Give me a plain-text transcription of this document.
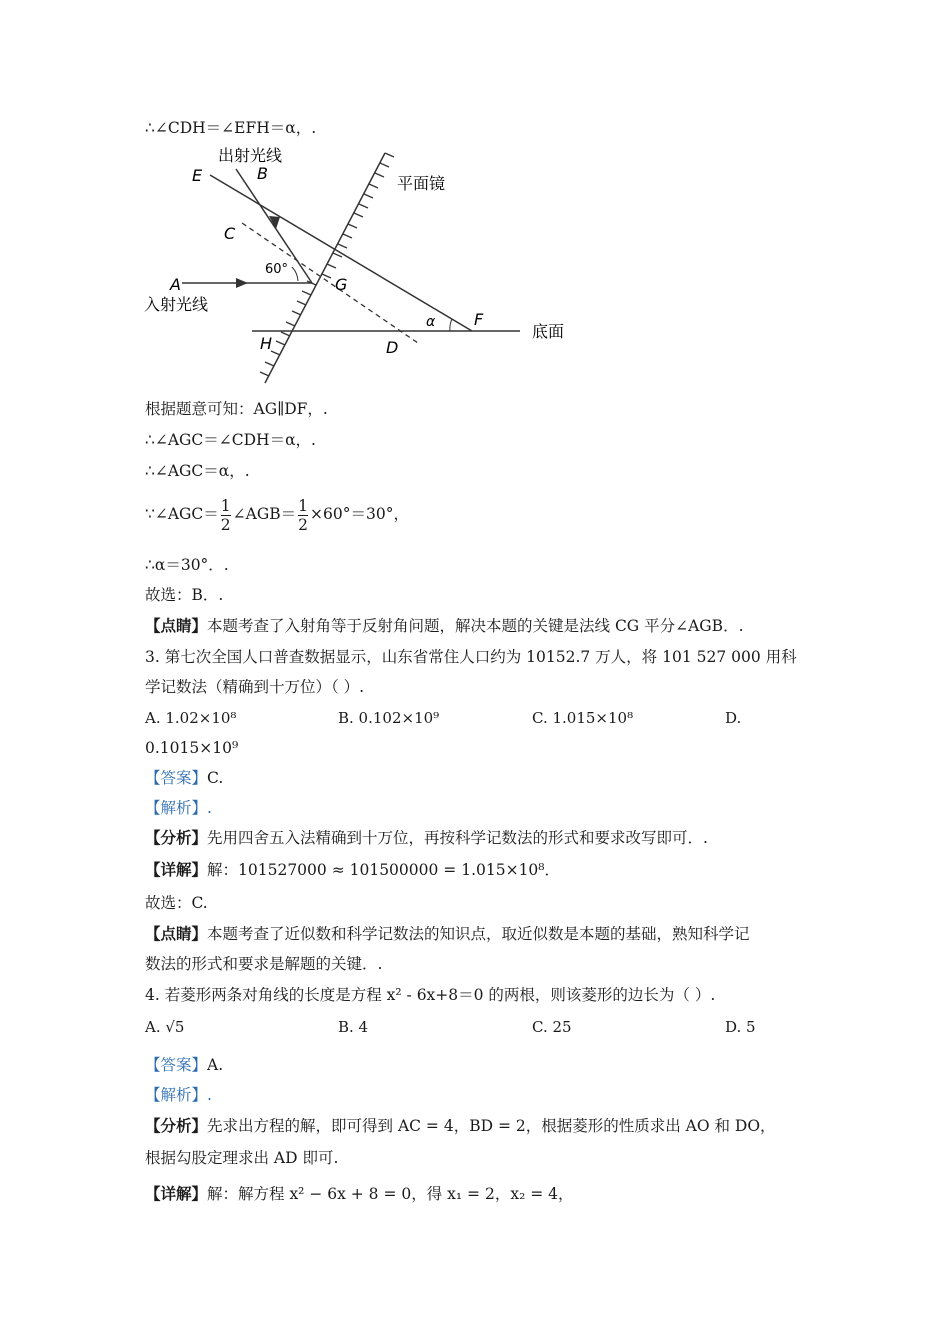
∴∠CDH＝∠EFH＝α，.
出射光线
E	B
平面镜
C
60°
A	G
入射光线
α F
底面
H	D
根据题意可知：AG∥DF，.
∴∠AGC＝∠CDH＝α，.
∴∠AGC＝α，.
∵∠AGC＝ $\frac{1}{2}$ ∠AGB＝ $\frac{1}{2} \times 60^\circ=30^\circ$，
∴α＝30°．.
故选：B．.
【点睛】本题考查了入射角等于反射角问题，解决本题的关键是法线 CG 平分∠AGB．.
3. 第七次全国人口普查数据显示，山东省常住人口约为 10152.7 万人，将 101 527 000 用科
学记数法（精确到十万位）（ ）.
A. 1.02×10⁸	B. 0.102×10⁹	C. 1.015×10⁸	D.
0.1015×10⁹
【答案】C.
【解析】.
【分析】先用四舍五入法精确到十万位，再按科学记数法的形式和要求改写即可．.
【详解】解：101527000 ≈ 101500000 = 1.015×10⁸．
故选：C.
【点睛】本题考查了近似数和科学记数法的知识点，取近似数是本题的基础，熟知科学记
数法的形式和要求是解题的关键．.
4. 若菱形两条对角线的长度是方程 x² - 6x+8＝0 的两根，则该菱形的边长为（ ）.
A. √5	B. 4	C. 25	D. 5
【答案】A.
【解析】.
【分析】先求出方程的解，即可得到 AC = 4，BD = 2，根据菱形的性质求出 AO 和 DO，
根据勾股定理求出 AD 即可.
【详解】解：解方程 x² − 6x + 8 = 0，得 x₁ = 2，x₂ = 4，
